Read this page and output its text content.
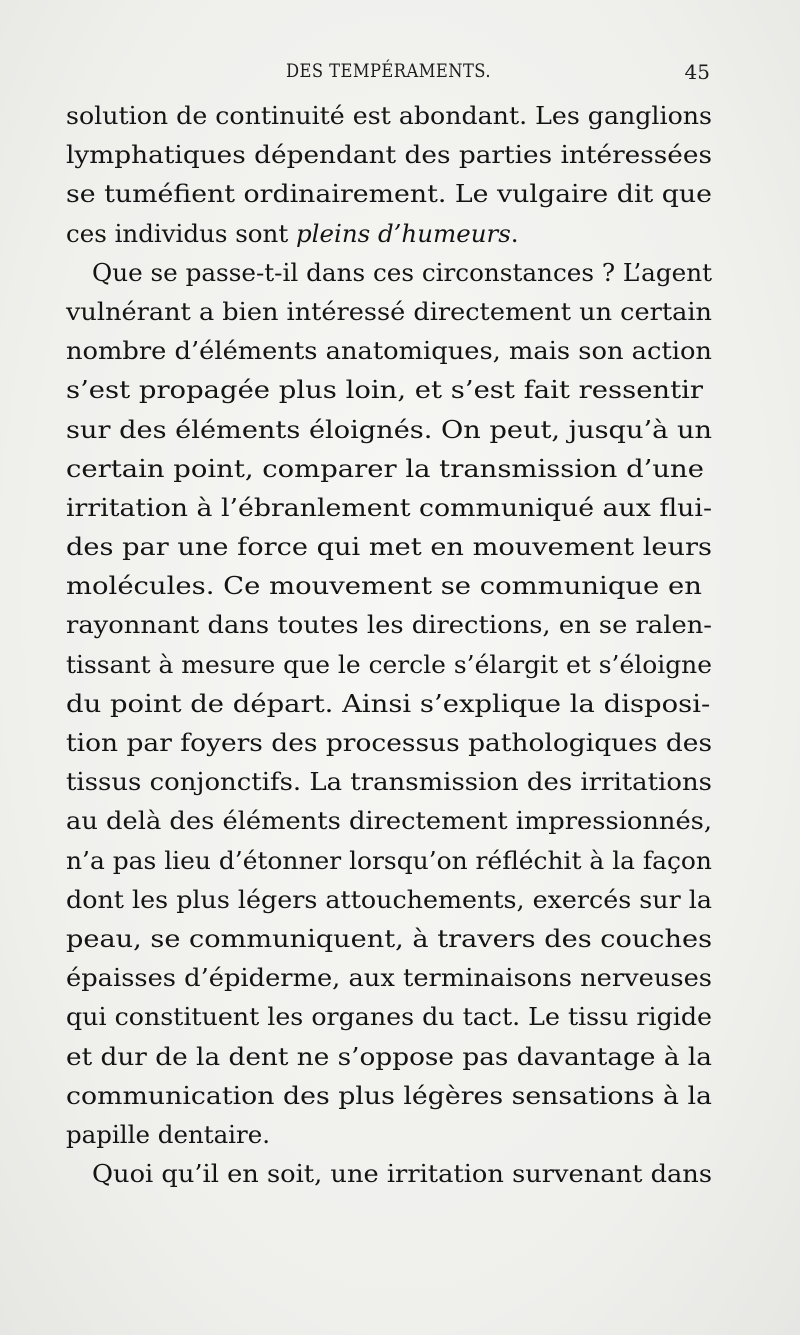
DES TEMPÉRAMENTS.	45
solution de continuité est abondant. Les ganglions
lymphatiques dépendant des parties intéressées
se tuméfient ordinairement. Le vulgaire dit que
ces individus sont pleins d’humeurs.
Que se passe-t-il dans ces circonstances ? L’agent
vulnérant a bien intéressé directement un certain
nombre d’éléments anatomiques, mais son action
s’est propagée plus loin, et s’est fait ressentir
sur des éléments éloignés. On peut, jusqu’à un
certain point, comparer la transmission d’une
irritation à l’ébranlement communiqué aux flui-
des par une force qui met en mouvement leurs
molécules. Ce mouvement se communique en
rayonnant dans toutes les directions, en se ralen-
tissant à mesure que le cercle s’élargit et s’éloigne
du point de départ. Ainsi s’explique la disposi-
tion par foyers des processus pathologiques des
tissus conjonctifs. La transmission des irritations
au delà des éléments directement impressionnés,
n’a pas lieu d’étonner lorsqu’on réfléchit à la façon
dont les plus légers attouchements, exercés sur la
peau, se communiquent, à travers des couches
épaisses d’épiderme, aux terminaisons nerveuses
qui constituent les organes du tact. Le tissu rigide
et dur de la dent ne s’oppose pas davantage à la
communication des plus légères sensations à la
papille dentaire.
Quoi qu’il en soit, une irritation survenant dans
